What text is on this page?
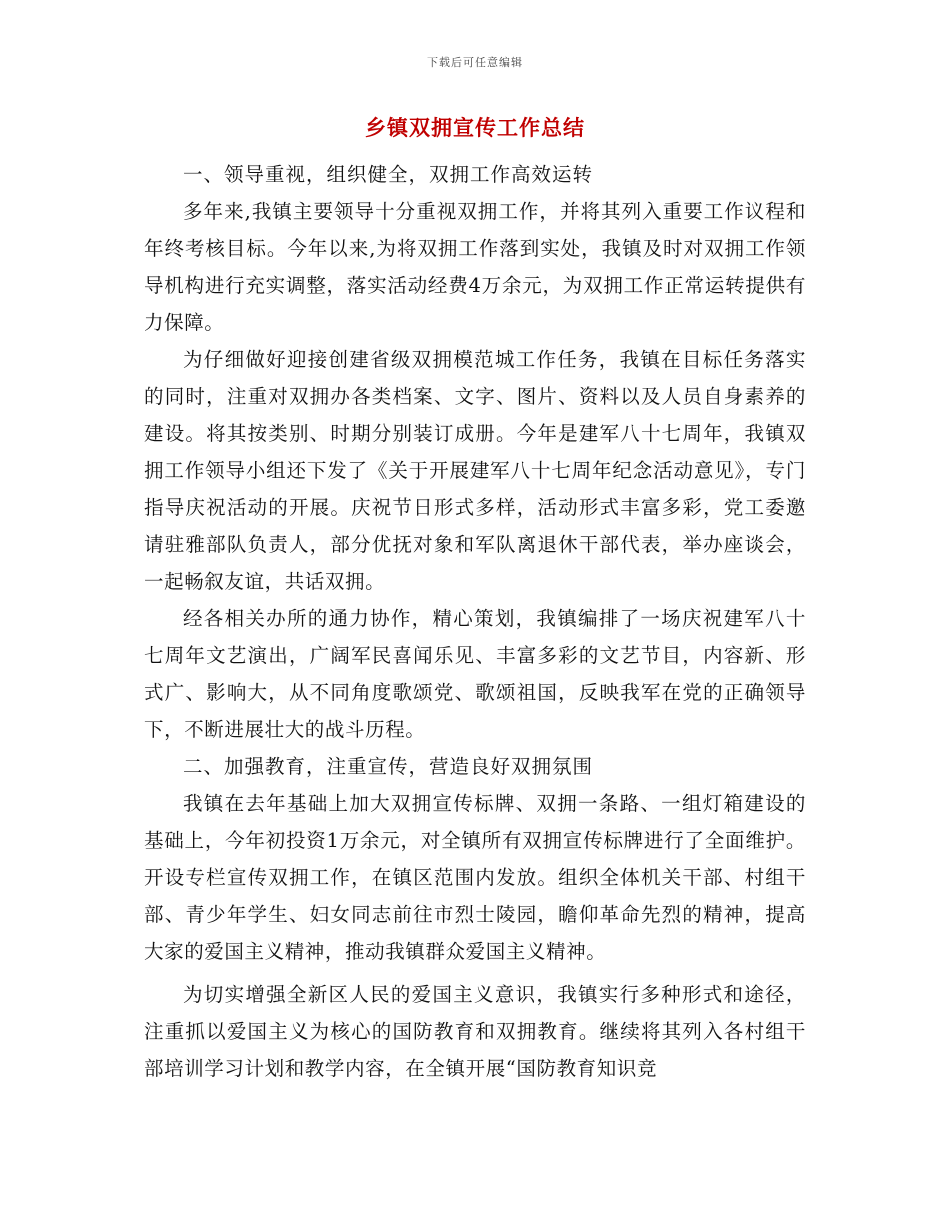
下载后可任意编辑
乡镇双拥宣传工作总结

一、领导重视，组织健全，双拥工作高效运转

多年来,我镇主要领导十分重视双拥工作，并将其列入重要工作议程和年终考核目标。今年以来,为将双拥工作落到实处，我镇及时对双拥工作领导机构进行充实调整，落实活动经费4万余元，为双拥工作正常运转提供有力保障。

为仔细做好迎接创建省级双拥模范城工作任务，我镇在目标任务落实的同时，注重对双拥办各类档案、文字、图片、资料以及人员自身素养的建设。将其按类别、时期分别装订成册。今年是建军八十七周年，我镇双拥工作领导小组还下发了《关于开展建军八十七周年纪念活动意见》，专门指导庆祝活动的开展。庆祝节日形式多样，活动形式丰富多彩，党工委邀请驻雅部队负责人，部分优抚对象和军队离退休干部代表，举办座谈会，一起畅叙友谊，共话双拥。

经各相关办所的通力协作，精心策划，我镇编排了一场庆祝建军八十七周年文艺演出，广阔军民喜闻乐见、丰富多彩的文艺节目，内容新、形式广、影响大，从不同角度歌颂党、歌颂祖国，反映我军在党的正确领导下，不断进展壮大的战斗历程。

二、加强教育，注重宣传，营造良好双拥氛围

我镇在去年基础上加大双拥宣传标牌、双拥一条路、一组灯箱建设的基础上，今年初投资1万余元，对全镇所有双拥宣传标牌进行了全面维护。开设专栏宣传双拥工作，在镇区范围内发放。组织全体机关干部、村组干部、青少年学生、妇女同志前往市烈士陵园，瞻仰革命先烈的精神，提高大家的爱国主义精神，推动我镇群众爱国主义精神。

为切实增强全新区人民的爱国主义意识，我镇实行多种形式和途径，注重抓以爱国主义为核心的国防教育和双拥教育。继续将其列入各村组干部培训学习计划和教学内容，在全镇开展“国防教育知识竞
